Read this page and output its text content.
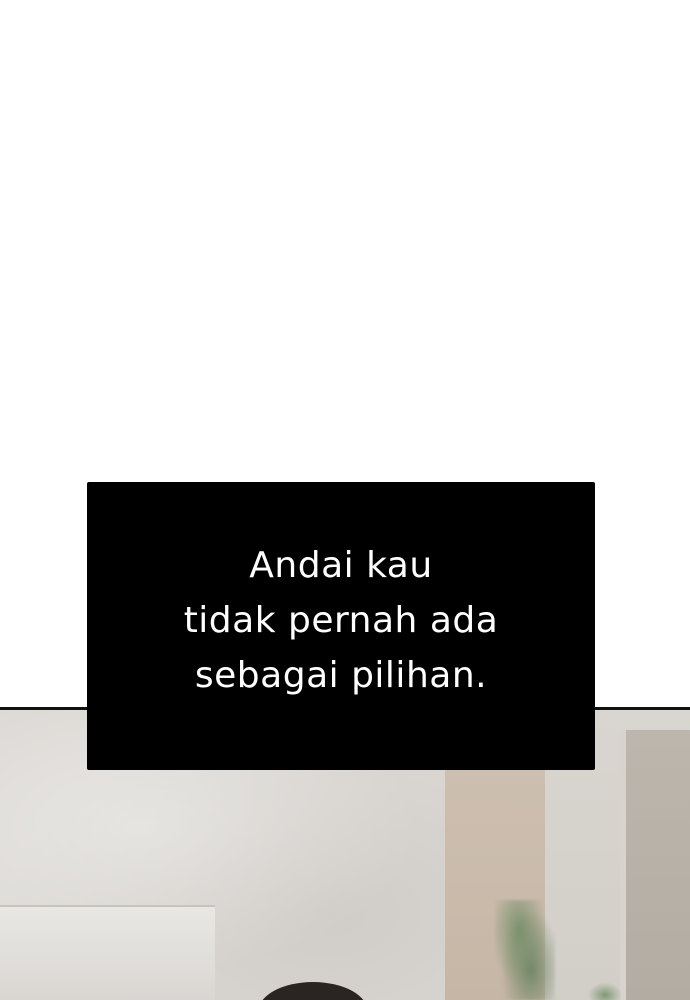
Andai kau
tidak pernah ada
sebagai pilihan.
